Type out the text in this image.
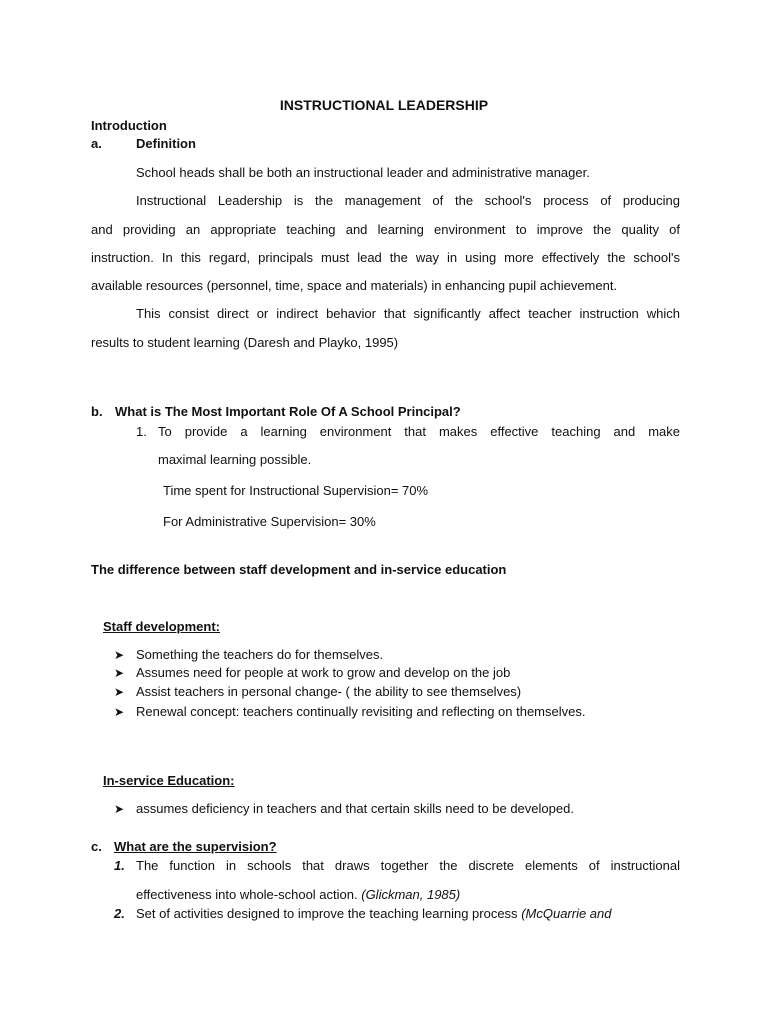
INSTRUCTIONAL LEADERSHIP
Introduction
a.	Definition
School heads shall be both an instructional leader and administrative manager.
Instructional Leadership is the management of the school's process of producing
and providing an appropriate teaching and learning environment to improve the quality of
instruction. In this regard, principals must lead the way in using more effectively the school's
available resources (personnel, time, space and materials) in enhancing pupil achievement.
This consist direct or indirect behavior that significantly affect teacher instruction which
results to student learning (Daresh and Playko, 1995)
b. What is The Most Important Role Of A School Principal?
1. To provide a learning environment that makes effective teaching and make
maximal learning possible.
Time spent for Instructional Supervision= 70%
For Administrative Supervision= 30%
The difference between staff development and in-service education
Staff development:
➤ Something the teachers do for themselves.
➤ Assumes need for people at work to grow and develop on the job
➤ Assist teachers in personal change- ( the ability to see themselves)
➤ Renewal concept: teachers continually revisiting and reflecting on themselves.
In-service Education:
➤ assumes deficiency in teachers and that certain skills need to be developed.
c. What are the supervision?
1. The function in schools that draws together the discrete elements of instructional
effectiveness into whole-school action. (Glickman, 1985)
2. Set of activities designed to improve the teaching learning process (McQuarrie and
